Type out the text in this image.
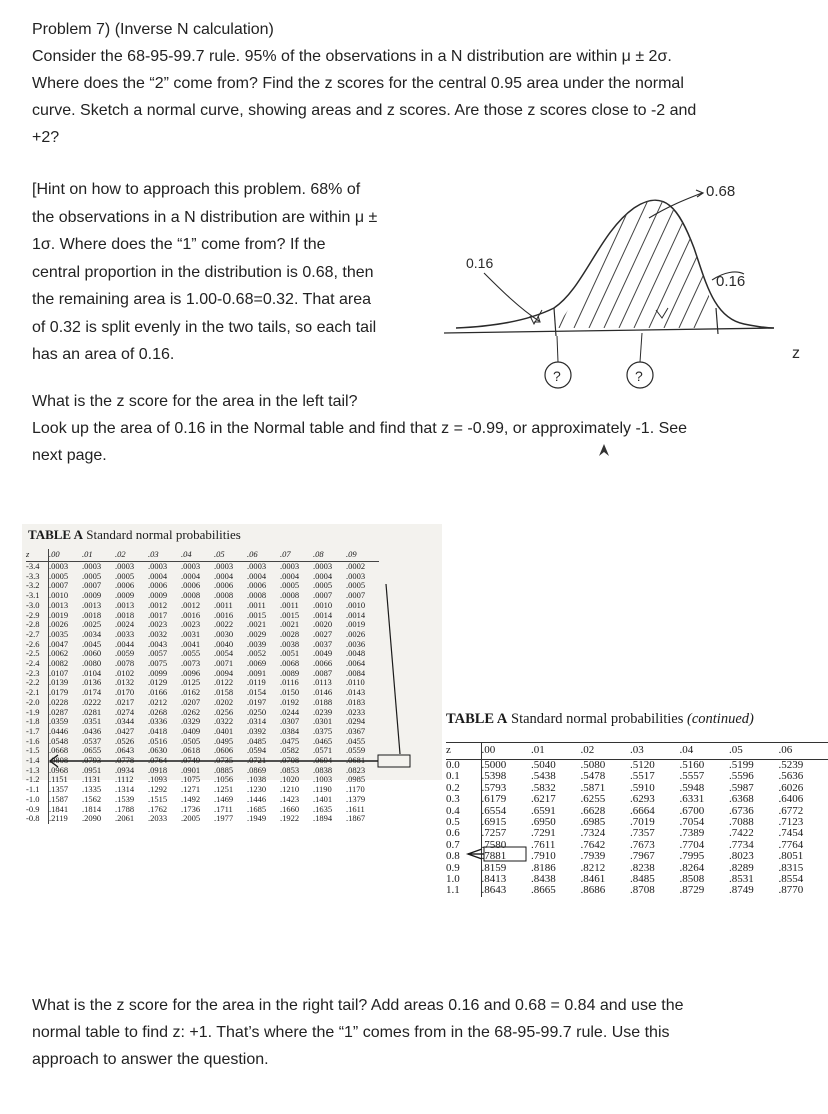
Problem 7) (Inverse N calculation)
Consider the 68-95-99.7 rule. 95% of the observations in a N distribution are within μ ± 2σ.
Where does the “2” come from? Find the z scores for the central 0.95 area under the normal
curve. Sketch a normal curve, showing areas and z scores. Are those z scores close to -2 and
+2?
[Hint on how to approach this problem. 68% of
the observations in a N distribution are within μ ±
1σ. Where does the “1” come from? If the
central proportion in the distribution is 0.68, then
the remaining area is 1.00-0.68=0.32. That area
of 0.32 is split evenly in the two tails, so each tail
has an area of 0.16.
0.68
0.16
0.16
?	?
z
What is the z score for the area in the left tail?
Look up the area of 0.16 in the Normal table and find that z = -0.99, or approximately -1. See
next page.
TABLE A Standard normal probabilities
z	.00	.01	.02	.03	.04	.05	.06	.07	.08	.09
-3.4	.0003	.0003	.0003	.0003	.0003	.0003	.0003	.0003	.0003	.0002
-3.3	.0005	.0005	.0005	.0004	.0004	.0004	.0004	.0004	.0004	.0003
-3.2	.0007	.0007	.0006	.0006	.0006	.0006	.0006	.0005	.0005	.0005
-3.1	.0010	.0009	.0009	.0009	.0008	.0008	.0008	.0008	.0007	.0007
-3.0	.0013	.0013	.0013	.0012	.0012	.0011	.0011	.0011	.0010	.0010
-2.9	.0019	.0018	.0018	.0017	.0016	.0016	.0015	.0015	.0014	.0014
-2.8	.0026	.0025	.0024	.0023	.0023	.0022	.0021	.0021	.0020	.0019
-2.7	.0035	.0034	.0033	.0032	.0031	.0030	.0029	.0028	.0027	.0026
-2.6	.0047	.0045	.0044	.0043	.0041	.0040	.0039	.0038	.0037	.0036
-2.5	.0062	.0060	.0059	.0057	.0055	.0054	.0052	.0051	.0049	.0048
-2.4	.0082	.0080	.0078	.0075	.0073	.0071	.0069	.0068	.0066	.0064
-2.3	.0107	.0104	.0102	.0099	.0096	.0094	.0091	.0089	.0087	.0084
-2.2	.0139	.0136	.0132	.0129	.0125	.0122	.0119	.0116	.0113	.0110
-2.1	.0179	.0174	.0170	.0166	.0162	.0158	.0154	.0150	.0146	.0143
-2.0	.0228	.0222	.0217	.0212	.0207	.0202	.0197	.0192	.0188	.0183
-1.9	.0287	.0281	.0274	.0268	.0262	.0256	.0250	.0244	.0239	.0233
-1.8	.0359	.0351	.0344	.0336	.0329	.0322	.0314	.0307	.0301	.0294
-1.7	.0446	.0436	.0427	.0418	.0409	.0401	.0392	.0384	.0375	.0367
-1.6	.0548	.0537	.0526	.0516	.0505	.0495	.0485	.0475	.0465	.0455
-1.5	.0668	.0655	.0643	.0630	.0618	.0606	.0594	.0582	.0571	.0559
-1.4	.0808	.0793	.0778	.0764	.0749	.0735	.0721	.0708	.0694	.0681
-1.3	.0968	.0951	.0934	.0918	.0901	.0885	.0869	.0853	.0838	.0823
-1.2	.1151	.1131	.1112	.1093	.1075	.1056	.1038	.1020	.1003	.0985
-1.1	.1357	.1335	.1314	.1292	.1271	.1251	.1230	.1210	.1190	.1170
-1.0	.1587	.1562	.1539	.1515	.1492	.1469	.1446	.1423	.1401	.1379
-0.9	.1841	.1814	.1788	.1762	.1736	.1711	.1685	.1660	.1635	.1611
-0.8	.2119	.2090	.2061	.2033	.2005	.1977	.1949	.1922	.1894	.1867
TABLE A Standard normal probabilities (continued)
z	.00	.01	.02	.03	.04	.05	.06
0.0	.5000	.5040	.5080	.5120	.5160	.5199	.5239
0.1	.5398	.5438	.5478	.5517	.5557	.5596	.5636
0.2	.5793	.5832	.5871	.5910	.5948	.5987	.6026
0.3	.6179	.6217	.6255	.6293	.6331	.6368	.6406
0.4	.6554	.6591	.6628	.6664	.6700	.6736	.6772
0.5	.6915	.6950	.6985	.7019	.7054	.7088	.7123
0.6	.7257	.7291	.7324	.7357	.7389	.7422	.7454
0.7	.7580	.7611	.7642	.7673	.7704	.7734	.7764
0.8	.7881	.7910	.7939	.7967	.7995	.8023	.8051
0.9	.8159	.8186	.8212	.8238	.8264	.8289	.8315
1.0	.8413	.8438	.8461	.8485	.8508	.8531	.8554
1.1	.8643	.8665	.8686	.8708	.8729	.8749	.8770
What is the z score for the area in the right tail? Add areas 0.16 and 0.68 = 0.84 and use the
normal table to find z: +1. That’s where the “1” comes from in the 68-95-99.7 rule. Use this
approach to answer the question.
